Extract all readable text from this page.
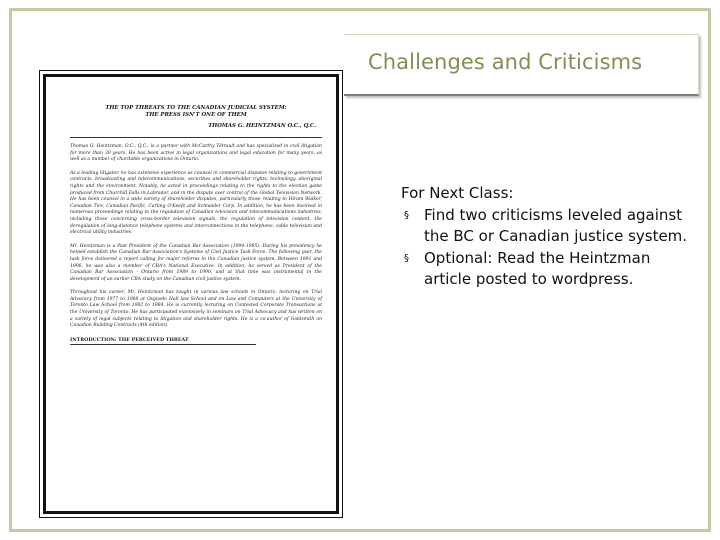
Challenges and Criticisms
THE TOP THREATS TO THE CANADIAN JUDICIAL SYSTEM:
THE PRESS ISN'T ONE OF THEM
THOMAS G. HEINTZMAN O.C., Q.C.

Thomas G. Heintzman, O.C., Q.C., is a partner with McCarthy Tétrault and has specialized in civil litigation for more than 30 years. He has been active in legal organizations and legal education for many years, as well as a number of charitable organizations in Ontario.

As a leading litigator, he has extensive experience as counsel in commercial disputes relating to government contracts, broadcasting and telecommunications, securities and shareholder rights, technology, aboriginal rights and the environment. Notably, he acted in proceedings relating to the rights to the election game produced from Churchill Falls in Labrador, and in the dispute over control of the Global Television Network. He has been counsel in a wide variety of shareholder disputes, particularly those relating to Hiram Walker, Canadian Tire, Canadian Pacific, Carling O'Keefe and Schneider Corp. In addition, he has been involved in numerous proceedings relating to the regulation of Canadian television and telecommunications industries, including those concerning cross-border television signals, the regulation of television content, the deregulation of long-distance telephone systems and interconnections in the telephone, cable television and electrical utility industries.

Mr. Heintzman is a Past President of the Canadian Bar Association (1994-1995). During his presidency he helped establish the Canadian Bar Association's Systems of Civil Justice Task Force. The following year, the task force delivered a report calling for major reforms in the Canadian justice system. Between 1991 and 1996, he was also a member of CBA's National Executive. In addition, he served as President of the Canadian Bar Association - Ontario from 1989 to 1990, and at that time was instrumental in the development of an earlier CBA study on the Canadian civil justice system.

Throughout his career, Mr. Heintzman has taught in various law schools in Ontario, lecturing on Trial Advocacy from 1977 to 1988 at Osgoode Hall law School and on Law and Computers at the University of Toronto Law School from 1982 to 1984. He is currently lecturing on Contested Corporate Transactions at the University of Toronto. He has participated extensively in seminars on Trial Advocacy and has written on a variety of legal subjects relating to litigation and shareholder rights. He is a co-author of Goldsmith on Canadian Building Contracts (4th edition).

INTRODUCTION: THE PERCEIVED THREAT
For Next Class:
§ Find two criticisms leveled against the BC or Canadian justice system.
§ Optional: Read the Heintzman article posted to wordpress.
